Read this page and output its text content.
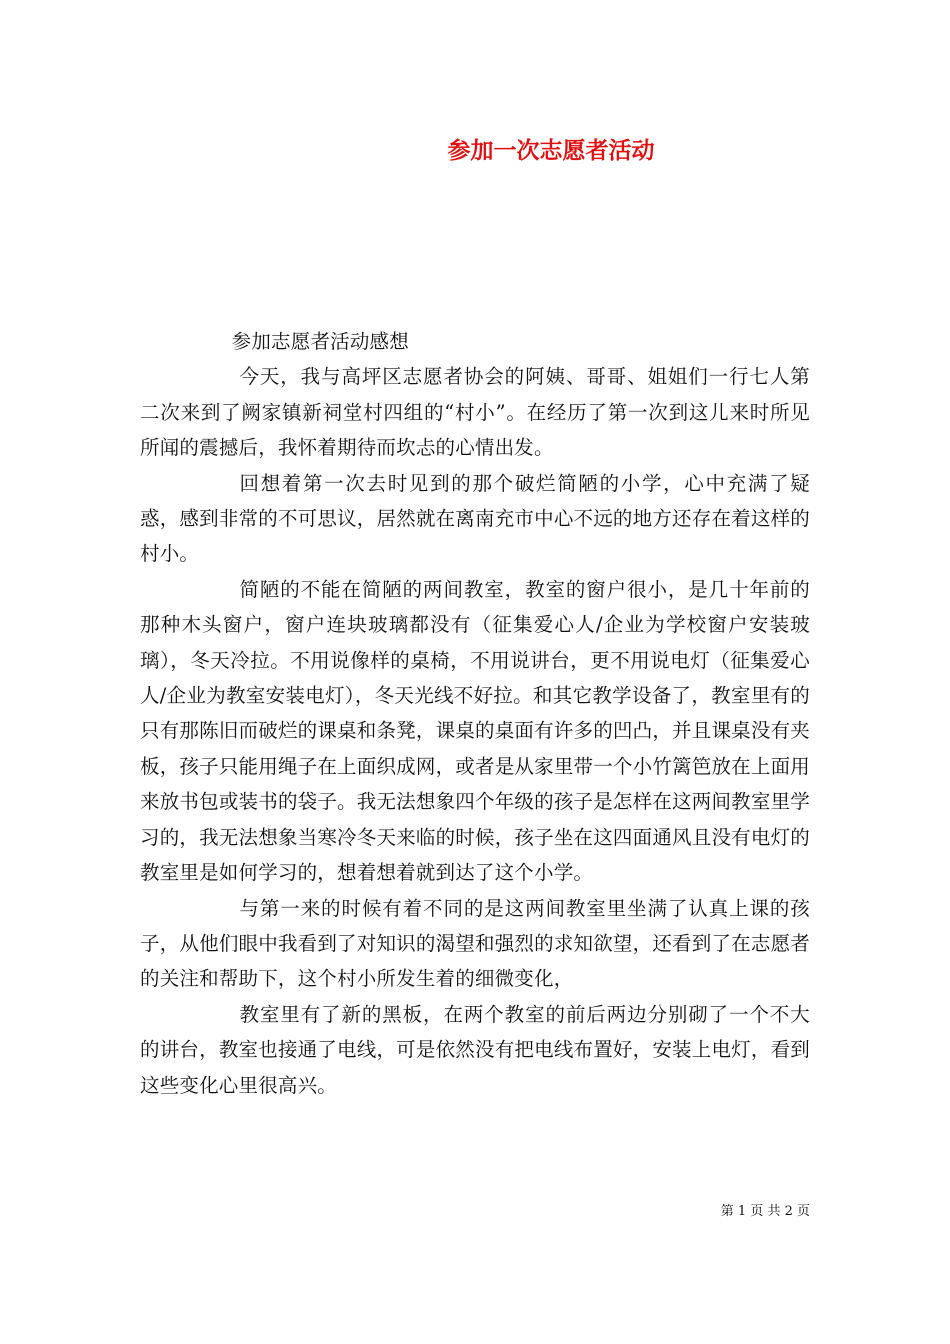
参加一次志愿者活动

参加志愿者活动感想

今天，我与高坪区志愿者协会的阿姨、哥哥、姐姐们一行七人第二次来到了阙家镇新祠堂村四组的“村小”。在经历了第一次到这儿来时所见所闻的震撼后，我怀着期待而坎忐的心情出发。

回想着第一次去时见到的那个破烂简陋的小学，心中充满了疑惑，感到非常的不可思议，居然就在离南充市中心不远的地方还存在着这样的村小。

简陋的不能在简陋的两间教室，教室的窗户很小，是几十年前的那种木头窗户，窗户连块玻璃都没有（征集爱心人/企业为学校窗户安装玻璃），冬天冷拉。不用说像样的桌椅，不用说讲台，更不用说电灯（征集爱心人/企业为教室安装电灯），冬天光线不好拉。和其它教学设备了，教室里有的只有那陈旧而破烂的课桌和条凳，课桌的桌面有许多的凹凸，并且课桌没有夹板，孩子只能用绳子在上面织成网，或者是从家里带一个小竹篱笆放在上面用来放书包或装书的袋子。我无法想象四个年级的孩子是怎样在这两间教室里学习的，我无法想象当寒冷冬天来临的时候，孩子坐在这四面通风且没有电灯的教室里是如何学习的，想着想着就到达了这个小学。

与第一来的时候有着不同的是这两间教室里坐满了认真上课的孩子，从他们眼中我看到了对知识的渴望和强烈的求知欲望，还看到了在志愿者的关注和帮助下，这个村小所发生着的细微变化，

教室里有了新的黑板，在两个教室的前后两边分别砌了一个不大的讲台，教室也接通了电线，可是依然没有把电线布置好，安装上电灯，看到这些变化心里很高兴。

第 1 页 共 2 页
